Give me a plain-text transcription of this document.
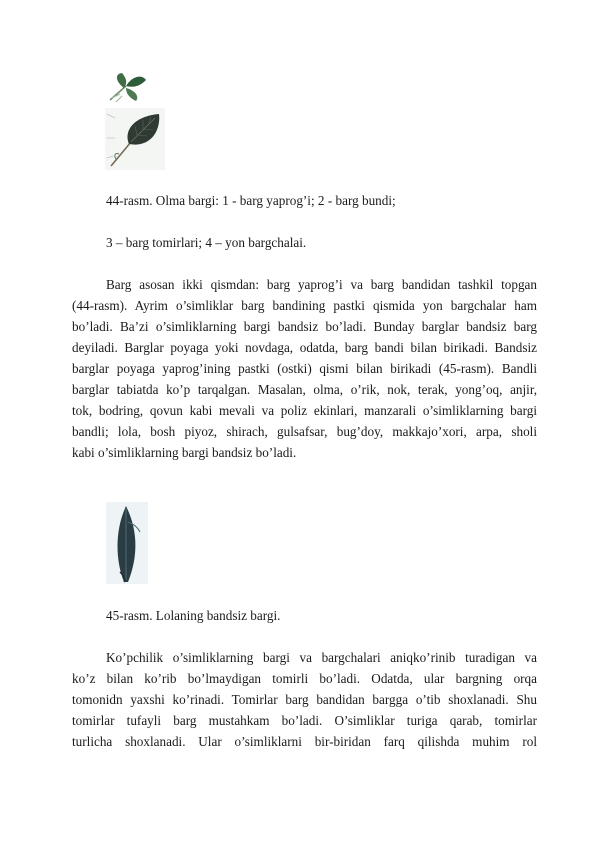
44-rasm. Olma bargi: 1 - barg yaprog’i; 2 - barg bundi;
3 – barg tomirlari; 4 – yon bargchalai.
Barg asosan ikki qismdan: barg yaprog’i va barg bandidan tashkil topgan
(44-rasm). Ayrim o’simliklar barg bandining pastki qismida yon bargchalar ham
bo’ladi. Ba’zi o’simliklarning bargi bandsiz bo’ladi. Bunday barglar bandsiz barg
deyiladi. Barglar poyaga yoki novdaga, odatda, barg bandi bilan birikadi. Bandsiz
barglar poyaga yaprog’ining pastki (ostki) qismi bilan birikadi (45-rasm). Bandli
barglar tabiatda ko’p tarqalgan. Masalan, olma, o’rik, nok, terak, yong’oq, anjir,
tok, bodring, qovun kabi mevali va poliz ekinlari, manzarali o’simliklarning bargi
bandli; lola, bosh piyoz, shirach, gulsafsar, bug’doy, makkajo’xori, arpa, sholi
kabi o’simliklarning bargi bandsiz bo’ladi.
45-rasm. Lolaning bandsiz bargi.
Ko’pchilik o’simliklarning bargi va bargchalari aniqko’rinib turadigan va
ko’z bilan ko’rib bo’lmaydigan tomirli bo’ladi. Odatda, ular bargning orqa
tomonidn yaxshi ko’rinadi. Tomirlar barg bandidan bargga o’tib shoxlanadi. Shu
tomirlar tufayli barg mustahkam bo’ladi. O’simliklar turiga qarab, tomirlar
turlicha shoxlanadi. Ular o’simliklarni bir-biridan farq qilishda muhim rol
